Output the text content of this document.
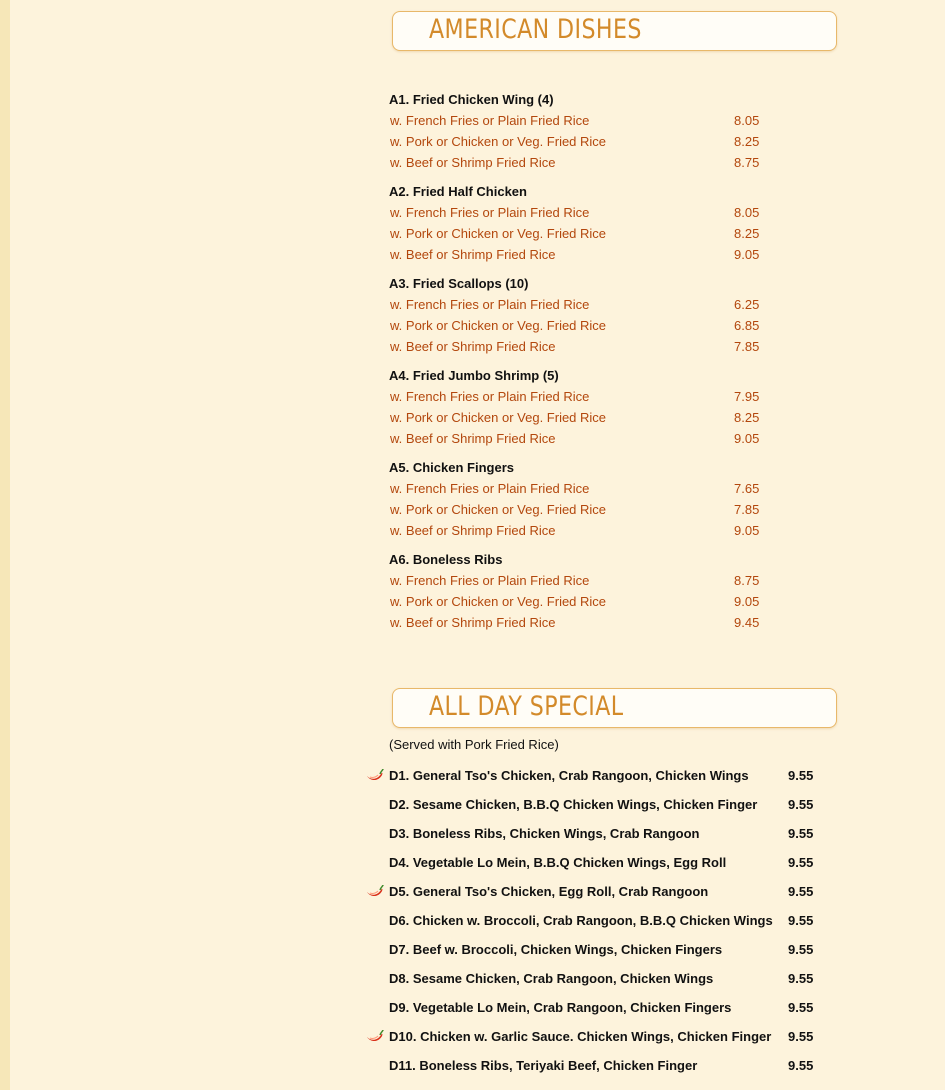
AMERICAN DISHES
A1. Fried Chicken Wing (4)
w. French Fries or Plain Fried Rice	8.05
w. Pork or Chicken or Veg. Fried Rice	8.25
w. Beef or Shrimp Fried Rice	8.75
A2. Fried Half Chicken
w. French Fries or Plain Fried Rice	8.05
w. Pork or Chicken or Veg. Fried Rice	8.25
w. Beef or Shrimp Fried Rice	9.05
A3. Fried Scallops (10)
w. French Fries or Plain Fried Rice	6.25
w. Pork or Chicken or Veg. Fried Rice	6.85
w. Beef or Shrimp Fried Rice	7.85
A4. Fried Jumbo Shrimp (5)
w. French Fries or Plain Fried Rice	7.95
w. Pork or Chicken or Veg. Fried Rice	8.25
w. Beef or Shrimp Fried Rice	9.05
A5. Chicken Fingers
w. French Fries or Plain Fried Rice	7.65
w. Pork or Chicken or Veg. Fried Rice	7.85
w. Beef or Shrimp Fried Rice	9.05
A6. Boneless Ribs
w. French Fries or Plain Fried Rice	8.75
w. Pork or Chicken or Veg. Fried Rice	9.05
w. Beef or Shrimp Fried Rice	9.45
ALL DAY SPECIAL
(Served with Pork Fried Rice)
D1. General Tso's Chicken, Crab Rangoon, Chicken Wings	9.55
D2. Sesame Chicken, B.B.Q Chicken Wings, Chicken Finger 9.55
D3. Boneless Ribs, Chicken Wings, Crab Rangoon	9.55
D4. Vegetable Lo Mein, B.B.Q Chicken Wings, Egg Roll	9.55
D5. General Tso's Chicken, Egg Roll, Crab Rangoon	9.55
D6. Chicken w. Broccoli, Crab Rangoon, B.B.Q Chicken Wings 9.55
D7. Beef w. Broccoli, Chicken Wings, Chicken Fingers	9.55
D8. Sesame Chicken, Crab Rangoon, Chicken Wings	9.55
D9. Vegetable Lo Mein, Crab Rangoon, Chicken Fingers	9.55
D10. Chicken w. Garlic Sauce. Chicken Wings, Chicken Finger 9.55
D11. Boneless Ribs, Teriyaki Beef, Chicken Finger	9.55
